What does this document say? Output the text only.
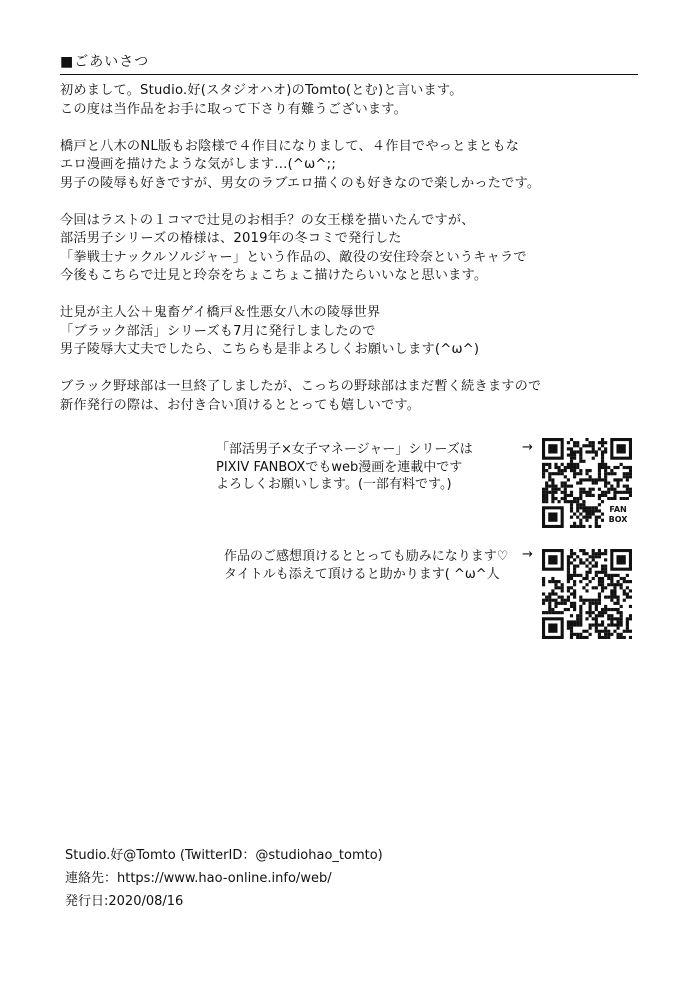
■ごあいさつ
初めまして。Studio.好(スタジオハオ)のTomto(とむ)と言います。
この度は当作品をお手に取って下さり有難うございます。
橋戸と八木のNL版もお陰様で４作目になりまして、４作目でやっとまともな
エロ漫画を描けたような気がします…(^ω^;;
男子の陵辱も好きですが、男女のラブエロ描くのも好きなので楽しかったです。
今回はラストの１コマで辻見のお相手？の女王様を描いたんですが、
部活男子シリーズの椿様は、2019年の冬コミで発行した
「拳戦士ナックルソルジャー」という作品の、敵役の安住玲奈というキャラで
今後もこちらで辻見と玲奈をちょこちょこ描けたらいいなと思います。
辻見が主人公＋鬼畜ゲイ橋戸＆性悪女八木の陵辱世界
「ブラック部活」シリーズも7月に発行しましたので
男子陵辱大丈夫でしたら、こちらも是非よろしくお願いします(^ω^)
ブラック野球部は一旦終了しましたが、こっちの野球部はまだ暫く続きますので
新作発行の際は、お付き合い頂けるととっても嬉しいです。
「部活男子×女子マネージャー」シリーズは
PIXIV FANBOXでもweb漫画を連載中です
よろしくお願いします。(一部有料です。)
→
FAN BOX
作品のご感想頂けるととっても励みになります♡
タイトルも添えて頂けると助かります( ^ω^人
→
Studio.好@Tomto (TwitterID：@studiohao_tomto)
連絡先：https://www.hao-online.info/web/
発行日:2020/08/16
